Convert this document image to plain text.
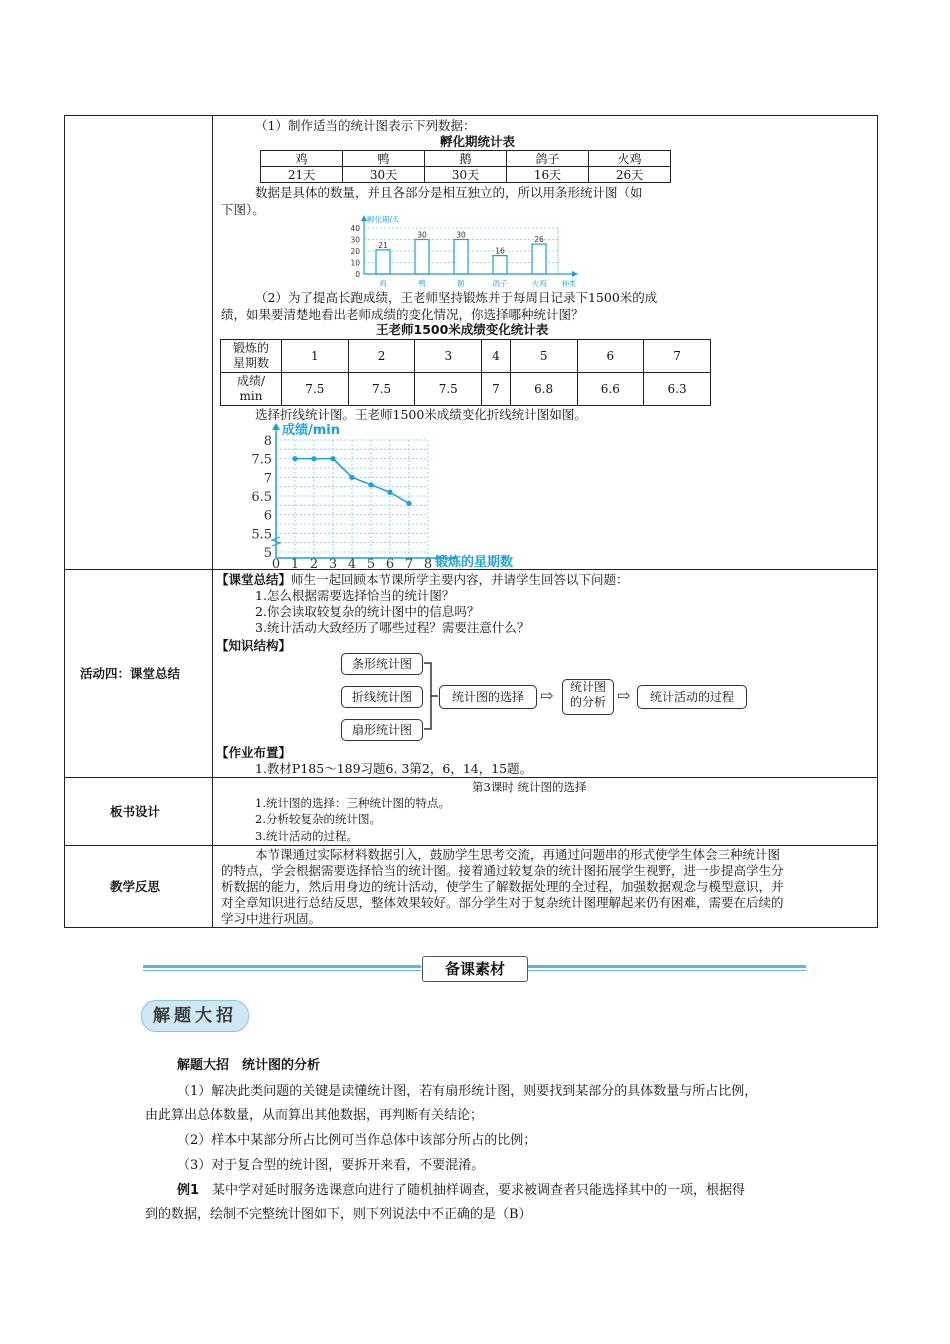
（1）制作适当的统计图表示下列数据：
孵化期统计表
鸡	鸭	鹅	鸽子	火鸡
21天	30天	30天	16天	26天
数据是具体的数量，并且各部分是相互独立的，所以用条形统计图（如
下图）。
0
10
20
30
40
21
鸡
30
鸭
30
鹅
16
鸽子
26
火鸡
孵化期/天
种类
（2）为了提高长跑成绩，王老师坚持锻炼并于每周日记录下1500米的成
绩，如果要清楚地看出老师成绩的变化情况，你选择哪种统计图？
王老师1500米成绩变化统计表
锻炼的
星期数	1	2	3	4	5	6	7
成绩/
min	7.5	7.5	7.5	7	6.8	6.6	6.3
选择折线统计图。王老师1500米成绩变化折线统计图如图。
5
5.5
6
6.5
7
7.5
8
0 1 2 3 4 5 6 7 8
成绩/min
锻炼的星期数
活动四：课堂总结
【课堂总结】师生一起回顾本节课所学主要内容，并请学生回答以下问题：
1.怎么根据需要选择恰当的统计图？
2.你会读取较复杂的统计图中的信息吗？
3.统计活动大致经历了哪些过程？需要注意什么？
【知识结构】
条形统计图
折线统计图
扇形统计图
统计图的选择	⇨	统计图
的分析 ⇨	统计活动的过程
【作业布置】
1.教材P185～189习题6. 3第2，6，14，15题。
板书设计
第3课时 统计图的选择
1.统计图的选择：三种统计图的特点。
2.分析较复杂的统计图。
3.统计活动的过程。
教学反思
本节课通过实际材料数据引入，鼓励学生思考交流，再通过问题串的形式使学生体会三种统计图
的特点，学会根据需要选择恰当的统计图。接着通过较复杂的统计图拓展学生视野，进一步提高学生分
析数据的能力，然后用身边的统计活动，使学生了解数据处理的全过程，加强数据观念与模型意识，并
对全章知识进行总结反思，整体效果较好。部分学生对于复杂统计图理解起来仍有困难，需要在后续的
学习中进行巩固。
备课素材
解题大招
解题大招　统计图的分析
（1）解决此类问题的关键是读懂统计图，若有扇形统计图，则要找到某部分的具体数量与所占比例，
由此算出总体数量，从而算出其他数据，再判断有关结论；
（2）样本中某部分所占比例可当作总体中该部分所占的比例；
（3）对于复合型的统计图，要拆开来看，不要混淆。
例1　某中学对延时服务选课意向进行了随机抽样调查，要求被调查者只能选择其中的一项，根据得
到的数据，绘制不完整统计图如下，则下列说法中不正确的是（B）
